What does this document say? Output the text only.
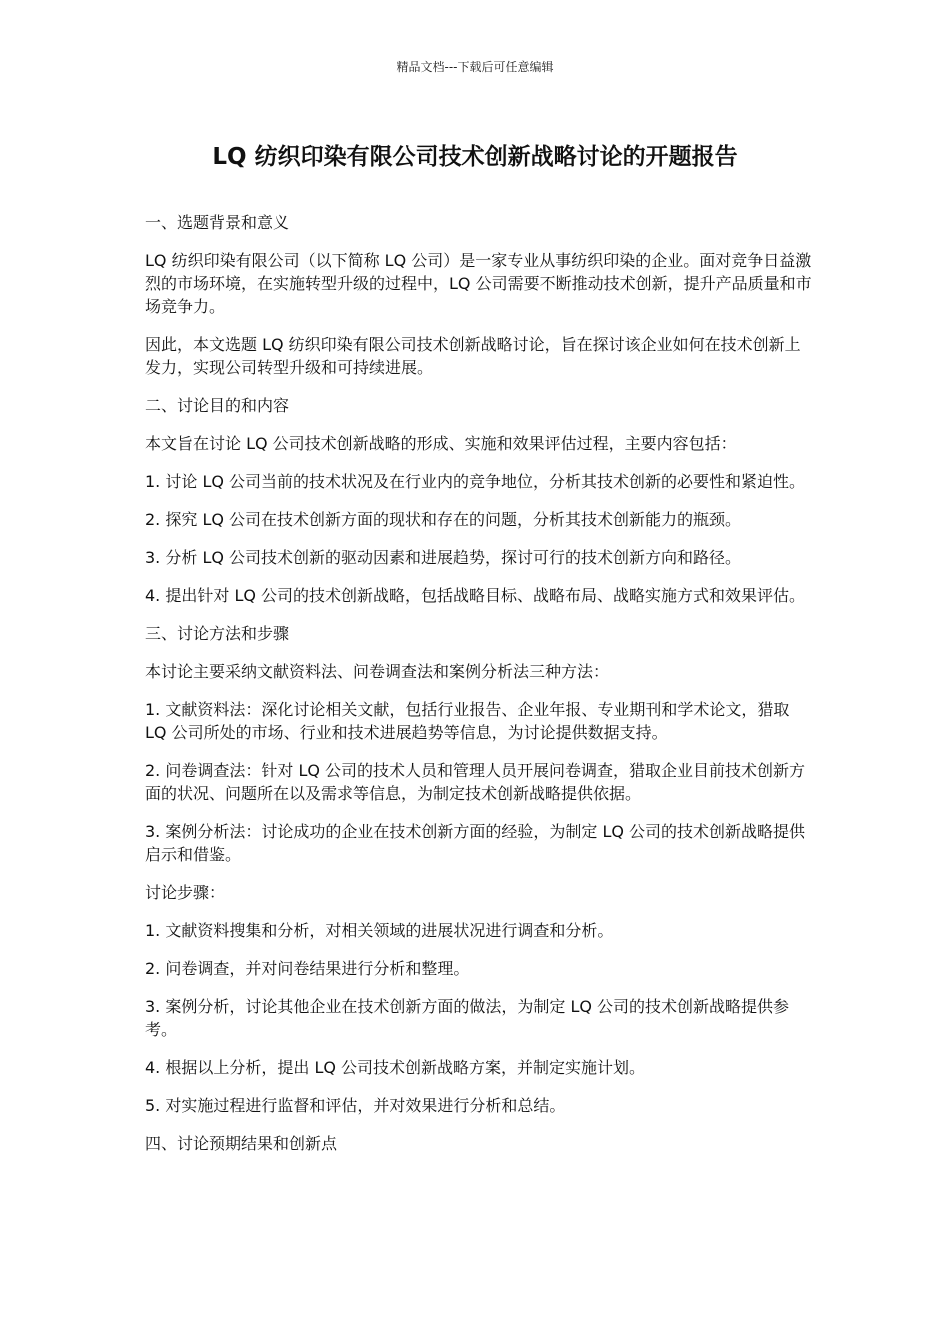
精品文档---下载后可任意编辑
LQ 纺织印染有限公司技术创新战略讨论的开题报告

一、选题背景和意义

LQ 纺织印染有限公司（以下简称 LQ 公司）是一家专业从事纺织印染的企业。面对竞争日益激烈的市场环境，在实施转型升级的过程中，LQ 公司需要不断推动技术创新，提升产品质量和市场竞争力。

因此，本文选题 LQ 纺织印染有限公司技术创新战略讨论，旨在探讨该企业如何在技术创新上发力，实现公司转型升级和可持续进展。

二、讨论目的和内容

本文旨在讨论 LQ 公司技术创新战略的形成、实施和效果评估过程，主要内容包括：

1. 讨论 LQ 公司当前的技术状况及在行业内的竞争地位，分析其技术创新的必要性和紧迫性。

2. 探究 LQ 公司在技术创新方面的现状和存在的问题，分析其技术创新能力的瓶颈。

3. 分析 LQ 公司技术创新的驱动因素和进展趋势，探讨可行的技术创新方向和路径。

4. 提出针对 LQ 公司的技术创新战略，包括战略目标、战略布局、战略实施方式和效果评估。

三、讨论方法和步骤

本讨论主要采纳文献资料法、问卷调查法和案例分析法三种方法：

1. 文献资料法：深化讨论相关文献，包括行业报告、企业年报、专业期刊和学术论文，猎取 LQ 公司所处的市场、行业和技术进展趋势等信息，为讨论提供数据支持。

2. 问卷调查法：针对 LQ 公司的技术人员和管理人员开展问卷调查，猎取企业目前技术创新方面的状况、问题所在以及需求等信息，为制定技术创新战略提供依据。

3. 案例分析法：讨论成功的企业在技术创新方面的经验，为制定 LQ 公司的技术创新战略提供启示和借鉴。

讨论步骤：

1. 文献资料搜集和分析，对相关领域的进展状况进行调查和分析。

2. 问卷调查，并对问卷结果进行分析和整理。

3. 案例分析，讨论其他企业在技术创新方面的做法，为制定 LQ 公司的技术创新战略提供参考。

4. 根据以上分析，提出 LQ 公司技术创新战略方案，并制定实施计划。

5. 对实施过程进行监督和评估，并对效果进行分析和总结。

四、讨论预期结果和创新点
